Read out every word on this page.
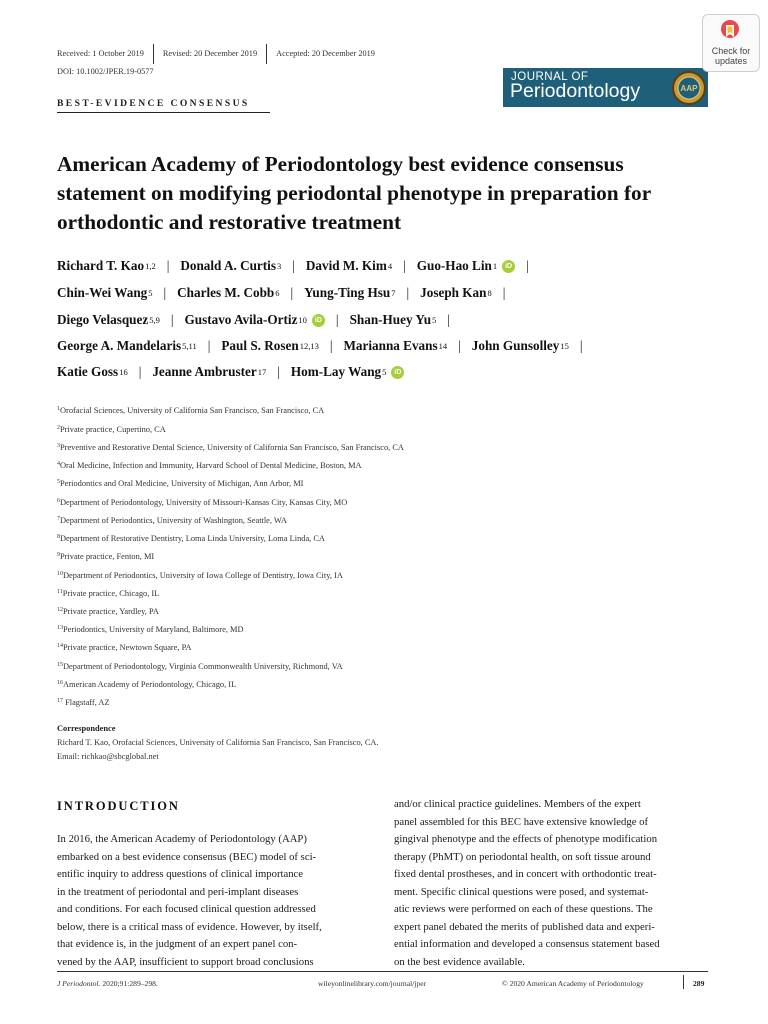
Received: 1 October 2019	Revised: 20 December 2019	Accepted: 20 December 2019
DOI: 10.1002/JPER.19-0577
BEST-EVIDENCE CONSENSUS
JOURNAL OF
Periodontology	AAP
Check for
updates
American Academy of Periodontology best evidence consensus statement on modifying periodontal phenotype in preparation for orthodontic and restorative treatment
Richard T. Kao 1,2 | Donald A. Curtis 3 | David M. Kim 4 | Guo-Hao Lin 1	iD |
Chin-Wei Wang 5 | Charles M. Cobb 6 | Yung-Ting Hsu 7 | Joseph Kan 8 |
Diego Velasquez 5,9 | Gustavo Avila-Ortiz 10	iD | Shan-Huey Yu 5 |
George A. Mandelaris 5,11 | Paul S. Rosen 12,13 | Marianna Evans 14 | John Gunsolley 15 |
Katie Goss 16 | Jeanne Ambruster 17 | Hom-Lay Wang 5	iD
$^1$Orofacial Sciences, University of California San Francisco, San Francisco, CA
$^2$Private practice, Cupertino, CA
$^3$Preventive and Restorative Dental Science, University of California San Francisco, San Francisco, CA
$^4$Oral Medicine, Infection and Immunity, Harvard School of Dental Medicine, Boston, MA
$^5$Periodontics and Oral Medicine, University of Michigan, Ann Arbor, MI
$^6$Department of Periodontology, University of Missouri-Kansas City, Kansas City, MO
$^7$Department of Periodontics, University of Washington, Seattle, WA
$^8$Department of Restorative Dentistry, Loma Linda University, Loma Linda, CA
$^9$Private practice, Fenton, MI
$^{10}$Department of Periodontics, University of Iowa College of Dentistry, Iowa City, IA
$^{11}$Private practice, Chicago, IL
$^{12}$Private practice, Yardley, PA
$^{13}$Periodontics, University of Maryland, Baltimore, MD
$^{14}$Private practice, Newtown Square, PA
$^{15}$Department of Periodontology, Virginia Commonwealth University, Richmond, VA
$^{16}$American Academy of Periodontology, Chicago, IL
$^{17}$ Flagstaff, AZ
Correspondence
Richard T. Kao, Orofacial Sciences, University of California San Francisco, San Francisco, CA.
Email: richkao@sbcglobal.net
INTRODUCTION
In 2016, the American Academy of Periodontology (AAP)
embarked on a best evidence consensus (BEC) model of sci-
entific inquiry to address questions of clinical importance
in the treatment of periodontal and peri-implant diseases
and conditions. For each focused clinical question addressed
below, there is a critical mass of evidence. However, by itself,
that evidence is, in the judgment of an expert panel con-
vened by the AAP, insufficient to support broad conclusions
and/or clinical practice guidelines. Members of the expert
panel assembled for this BEC have extensive knowledge of
gingival phenotype and the effects of phenotype modification
therapy (PhMT) on periodontal health, on soft tissue around
fixed dental prostheses, and in concert with orthodontic treat-
ment. Specific clinical questions were posed, and systemat-
atic reviews were performed on each of these questions. The
expert panel debated the merits of published data and experi-
ential information and developed a consensus statement based
on the best evidence available.
J Periodontol. 2020;91:289–298.	wileyonlinelibrary.com/journal/jper	© 2020 American Academy of Periodontology	289
